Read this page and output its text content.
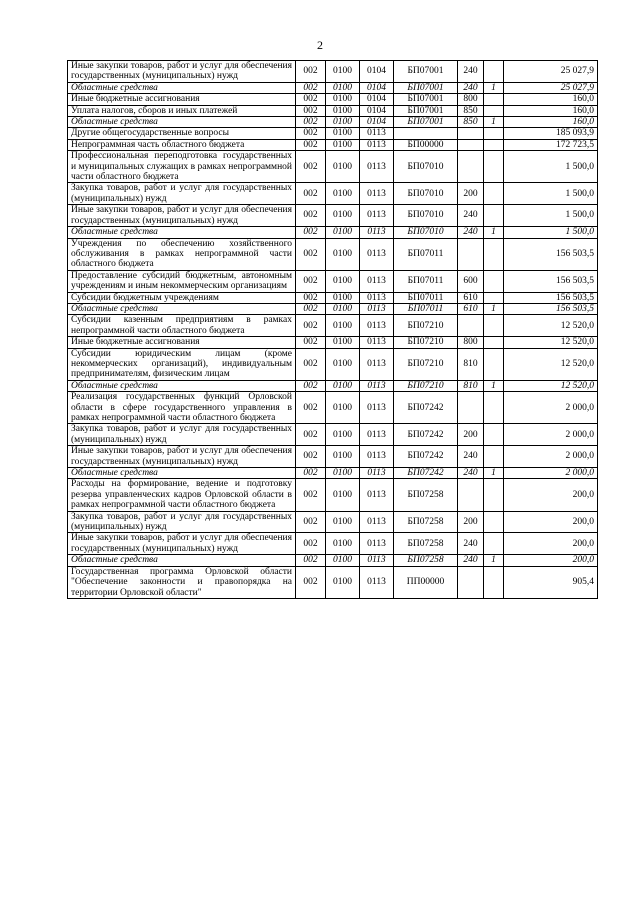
2
Иные закупки товаров, работ и услуг для обеспечения государственных (муниципальных) нужд	002	0100	0104	БП07001	240		25 027,9
Областные средства	002	0100	0104	БП07001	240	1	25 027,9
Иные бюджетные ассигнования	002	0100	0104	БП07001	800		160,0
Уплата налогов, сборов и иных платежей	002	0100	0104	БП07001	850		160,0
Областные средства	002	0100	0104	БП07001	850	1	160,0
Другие общегосударственные вопросы	002	0100	0113				185 093,9
Непрограммная часть областного бюджета	002	0100	0113	БП00000			172 723,5
Профессиональная переподготовка государственных и муниципальных служащих в рамках непрограммной части областного бюджета	002	0100	0113	БП07010			1 500,0
Закупка товаров, работ и услуг для государственных (муниципальных) нужд	002	0100	0113	БП07010	200		1 500,0
Иные закупки товаров, работ и услуг для обеспечения государственных (муниципальных) нужд	002	0100	0113	БП07010	240		1 500,0
Областные средства	002	0100	0113	БП07010	240	1	1 500,0
Учреждения по обеспечению хозяйственного обслуживания в рамках непрограммной части областного бюджета	002	0100	0113	БП07011			156 503,5
Предоставление субсидий бюджетным, автономным учреждениям и иным некоммерческим организациям	002	0100	0113	БП07011	600		156 503,5
Субсидии бюджетным учреждениям	002	0100	0113	БП07011	610		156 503,5
Областные средства	002	0100	0113	БП07011	610	1	156 503,5
Субсидии казенным предприятиям в рамках непрограммной части областного бюджета	002	0100	0113	БП07210			12 520,0
Иные бюджетные ассигнования	002	0100	0113	БП07210	800		12 520,0
Субсидии юридическим лицам (кроме некоммерческих организаций), индивидуальным предпринимателям, физическим лицам	002	0100	0113	БП07210	810		12 520,0
Областные средства	002	0100	0113	БП07210	810	1	12 520,0
Реализация государственных функций Орловской области в сфере государственного управления в рамках непрограммной части областного бюджета	002	0100	0113	БП07242			2 000,0
Закупка товаров, работ и услуг для государственных (муниципальных) нужд	002	0100	0113	БП07242	200		2 000,0
Иные закупки товаров, работ и услуг для обеспечения государственных (муниципальных) нужд	002	0100	0113	БП07242	240		2 000,0
Областные средства	002	0100	0113	БП07242	240	1	2 000,0
Расходы на формирование, ведение и подготовку резерва управленческих кадров Орловской области в рамках непрограммной части областного бюджета	002	0100	0113	БП07258			200,0
Закупка товаров, работ и услуг для государственных (муниципальных) нужд	002	0100	0113	БП07258	200		200,0
Иные закупки товаров, работ и услуг для обеспечения государственных (муниципальных) нужд	002	0100	0113	БП07258	240		200,0
Областные средства	002	0100	0113	БП07258	240	1	200,0
Государственная программа Орловской области "Обеспечение законности и правопорядка на территории Орловской области"	002	0100	0113	ПП00000			905,4
